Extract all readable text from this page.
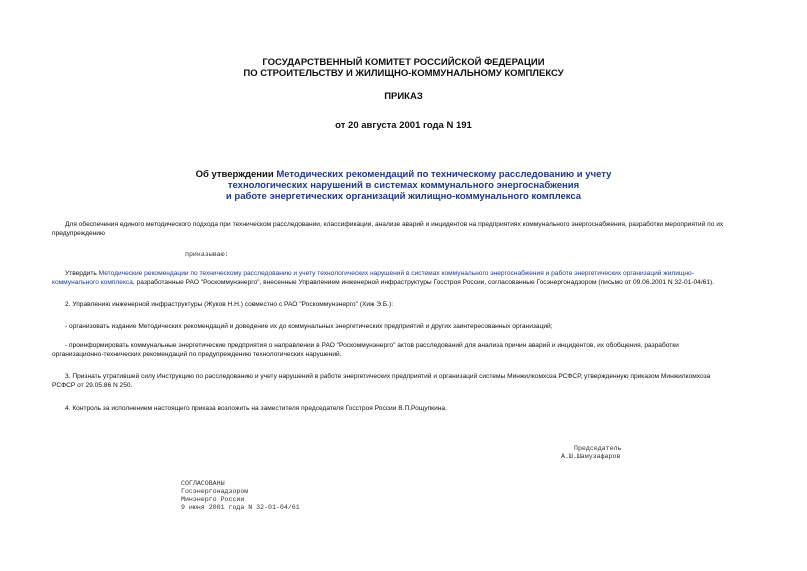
ГОСУДАРСТВЕННЫЙ КОМИТЕТ РОССИЙСКОЙ ФЕДЕРАЦИИ
ПО СТРОИТЕЛЬСТВУ И ЖИЛИЩНО-КОММУНАЛЬНОМУ КОМПЛЕКСУ
ПРИКАЗ
от 20 августа 2001 года N 191
Об утверждении Методических рекомендаций по техническому расследованию и учету
технологических нарушений в системах коммунального энергоснабжения
и работе энергетических организаций жилищно-коммунального комплекса
Для обеспечения единого методического подхода при техническом расследовании, классификации, анализе аварий и инцидентов на предприятиях коммунального энергоснабжения, разработки мероприятий по их
предупреждению
приказываю:
Утвердить Методические рекомендации по техническому расследованию и учету технологических нарушений в системах коммунального энергоснабжения и работе энергетических организаций жилищно-
коммунального комплекса, разработанные РАО "Роскоммунэнерго", внесенные Управлением инженерной инфраструктуры Госстроя России, согласованные Госэнергонадзором (письмо от 09.06.2001 N 32-01-04/61).
2. Управлению инженерной инфраструктуры (Жуков Н.Н.) совместно с РАО "Роскоммунэнерго" (Хиж Э.Б.):
- организовать издание Методических рекомендаций и доведение их до коммунальных энергетических предприятий и других заинтересованных организаций;
- проинформировать коммунальные энергетические предприятия о направлении в РАО "Роскоммунэнерго" актов расследований для анализа причин аварий и инцидентов, их обобщения, разработки
организационно-технических рекомендаций по предупреждению технологических нарушений.
3. Признать утратившей силу Инструкцию по расследованию и учету нарушений в работе энергетических предприятий и организаций системы Минжилкомхоза РСФСР, утвержденную приказом Минжилкомхоза
РСФСР от 29.05.86 N 250.
4. Контроль за исполнением настоящего приказа возложить на заместителя председателя Госстроя России В.П.Рощупкина.
Председатель
А.Ш.Шамузафаров
СОГЛАСОВАНЫ
Госэнергонадзором
Минэнерго России
9 июня 2001 года N 32-01-04/61
